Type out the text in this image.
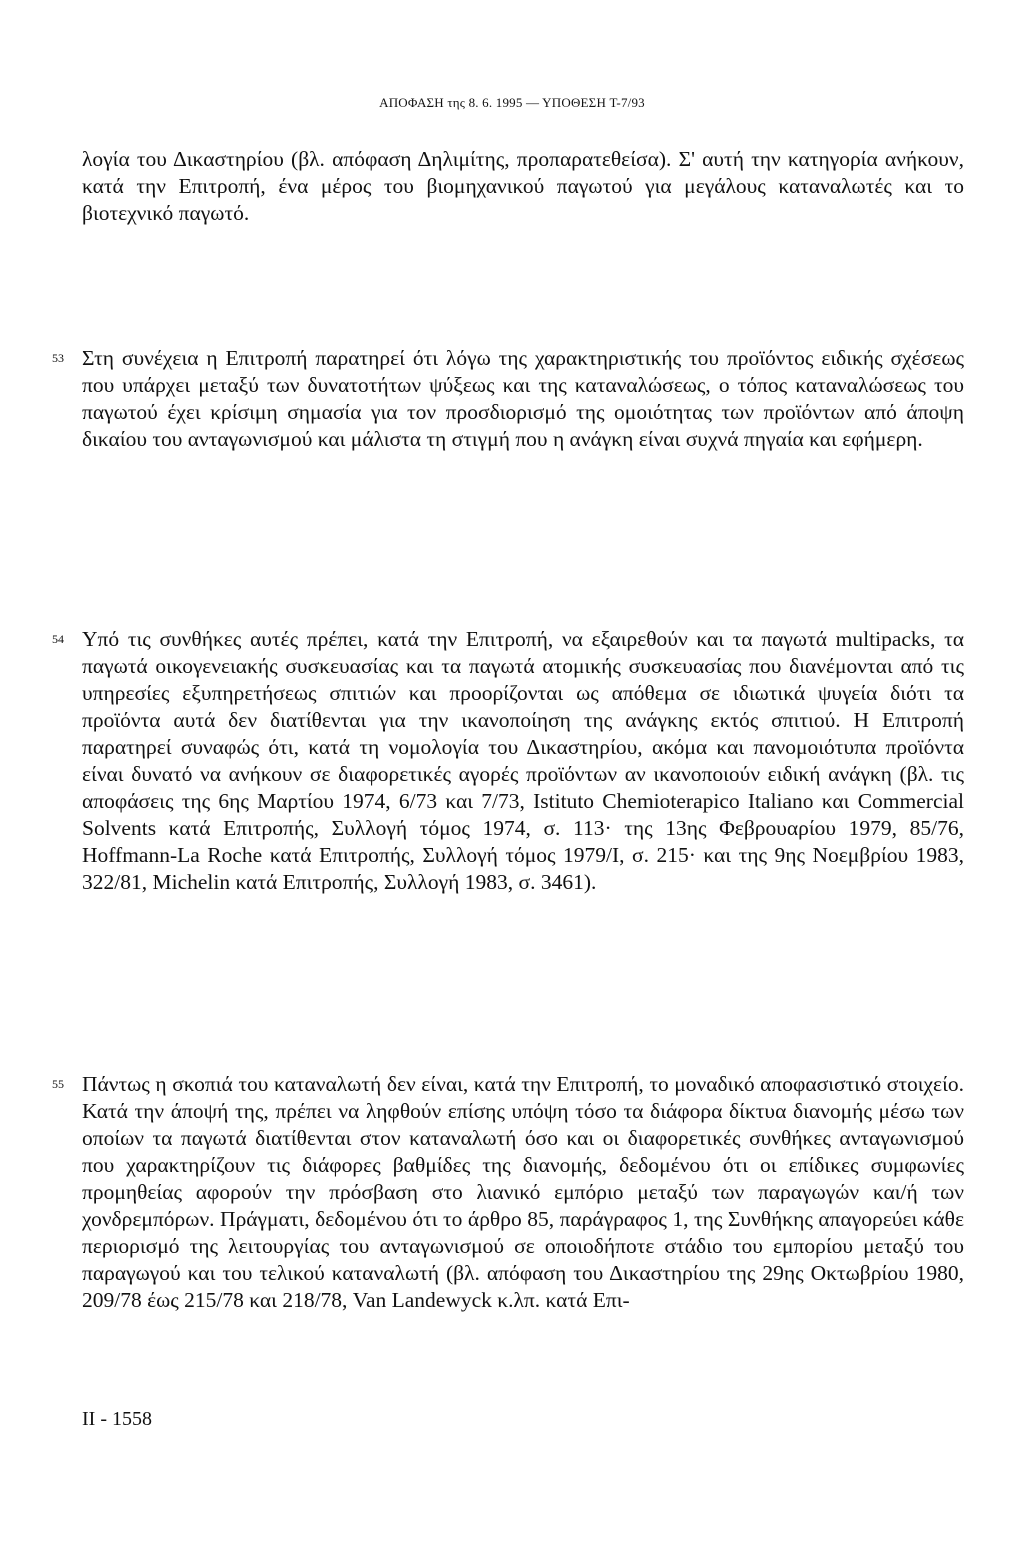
ΑΠΟΦΑΣΗ της 8. 6. 1995 — ΥΠΟΘΕΣΗ T-7/93

λογία του Δικαστηρίου (βλ. απόφαση Δηλιμίτης, προπαρατεθείσα). Σ' αυτή την κατηγορία ανήκουν, κατά την Επιτροπή, ένα μέρος του βιομηχανικού παγωτού για μεγάλους καταναλωτές και το βιοτεχνικό παγωτό.

53 Στη συνέχεια η Επιτροπή παρατηρεί ότι λόγω της χαρακτηριστικής του προϊόντος ειδικής σχέσεως που υπάρχει μεταξύ των δυνατοτήτων ψύξεως και της καταναλώσεως, ο τόπος καταναλώσεως του παγωτού έχει κρίσιμη σημασία για τον προσδιορισμό της ομοιότητας των προϊόντων από άποψη δικαίου του ανταγωνισμού και μάλιστα τη στιγμή που η ανάγκη είναι συχνά πηγαία και εφήμερη.

54 Υπό τις συνθήκες αυτές πρέπει, κατά την Επιτροπή, να εξαιρεθούν και τα παγωτά multipacks, τα παγωτά οικογενειακής συσκευασίας και τα παγωτά ατομικής συσκευασίας που διανέμονται από τις υπηρεσίες εξυπηρετήσεως σπιτιών και προορίζονται ως απόθεμα σε ιδιωτικά ψυγεία διότι τα προϊόντα αυτά δεν διατίθενται για την ικανοποίηση της ανάγκης εκτός σπιτιού. Η Επιτροπή παρατηρεί συναφώς ότι, κατά τη νομολογία του Δικαστηρίου, ακόμα και πανομοιότυπα προϊόντα είναι δυνατό να ανήκουν σε διαφορετικές αγορές προϊόντων αν ικανοποιούν ειδική ανάγκη (βλ. τις αποφάσεις της 6ης Μαρτίου 1974, 6/73 και 7/73, Istituto Chemioterapico Italiano και Commercial Solvents κατά Επιτροπής, Συλλογή τόμος 1974, σ. 113· της 13ης Φεβρουαρίου 1979, 85/76, Hoffmann-La Roche κατά Επιτροπής, Συλλογή τόμος 1979/Ι, σ. 215· και της 9ης Νοεμβρίου 1983, 322/81, Michelin κατά Επιτροπής, Συλλογή 1983, σ. 3461).

55 Πάντως η σκοπιά του καταναλωτή δεν είναι, κατά την Επιτροπή, το μοναδικό αποφασιστικό στοιχείο. Κατά την άποψή της, πρέπει να ληφθούν επίσης υπόψη τόσο τα διάφορα δίκτυα διανομής μέσω των οποίων τα παγωτά διατίθενται στον καταναλωτή όσο και οι διαφορετικές συνθήκες ανταγωνισμού που χαρακτηρίζουν τις διάφορες βαθμίδες της διανομής, δεδομένου ότι οι επίδικες συμφωνίες προμηθείας αφορούν την πρόσβαση στο λιανικό εμπόριο μεταξύ των παραγωγών και/ή των χονδρεμπόρων. Πράγματι, δεδομένου ότι το άρθρο 85, παράγραφος 1, της Συνθήκης απαγορεύει κάθε περιορισμό της λειτουργίας του ανταγωνισμού σε οποιοδήποτε στάδιο του εμπορίου μεταξύ του παραγωγού και του τελικού καταναλωτή (βλ. απόφαση του Δικαστηρίου της 29ης Οκτωβρίου 1980, 209/78 έως 215/78 και 218/78, Van Landewyck κ.λπ. κατά Επι-

II - 1558
